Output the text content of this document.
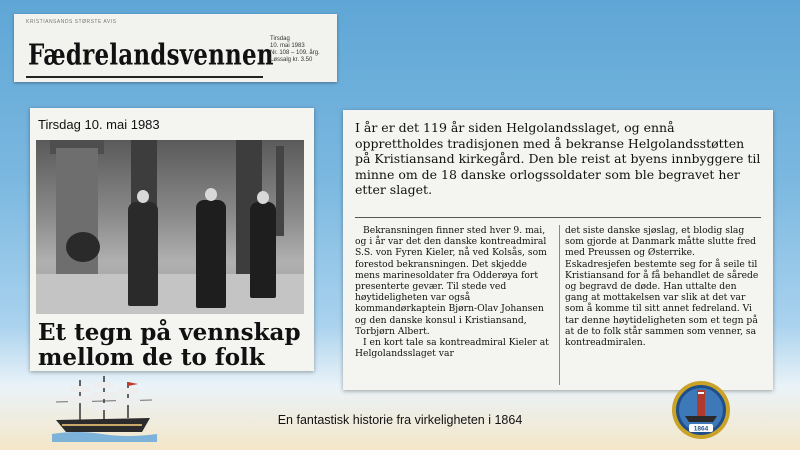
KRISTIANSANDS STØRSTE AVIS
Fædrelandsvennen
Tirsdag
10. mai 1983
Nr. 108 – 109. årg.
Løssalg kr. 3.50
Tirsdag 10. mai 1983
Et tegn på vennskap mellom de to folk
I år er det 119 år siden Helgolandsslaget, og ennå opprettholdes tradisjonen med å bekranse Helgolandsstøtten på Kristiansand kirkegård. Den ble reist at byens innbyggere til minne om de 18 danske orlogssoldater som ble begravet her etter slaget.

Bekransningen finner sted hver 9. mai, og i år var det den danske kontreadmiral S.S. von Fyren Kieler, nå ved Kolsås, som forestod bekransningen. Det skjedde mens marinesoldater fra Odderøya fort presenterte gevær. Til stede ved høytideligheten var også kommandørkaptein Bjørn-Olav Johansen og den danske konsul i Kristiansand, Torbjørn Albert.

I en kort tale sa kontreadmiral Kieler at Helgolandsslaget var

det siste danske sjøslag, et blodig slag som gjorde at Danmark måtte slutte fred med Preussen og Østerrike. Eskadresjefen bestemte seg for å seile til Kristiansand for å få behandlet de sårede og begravd de døde. Han uttalte den gang at mottakelsen var slik at det var som å komme til sitt annet fedreland. Vi tar denne høytideligheten som et tegn på at de to folk står sammen som venner, sa kontreadmiralen.

En fantastisk historie fra virkeligheten i 1864
1864
